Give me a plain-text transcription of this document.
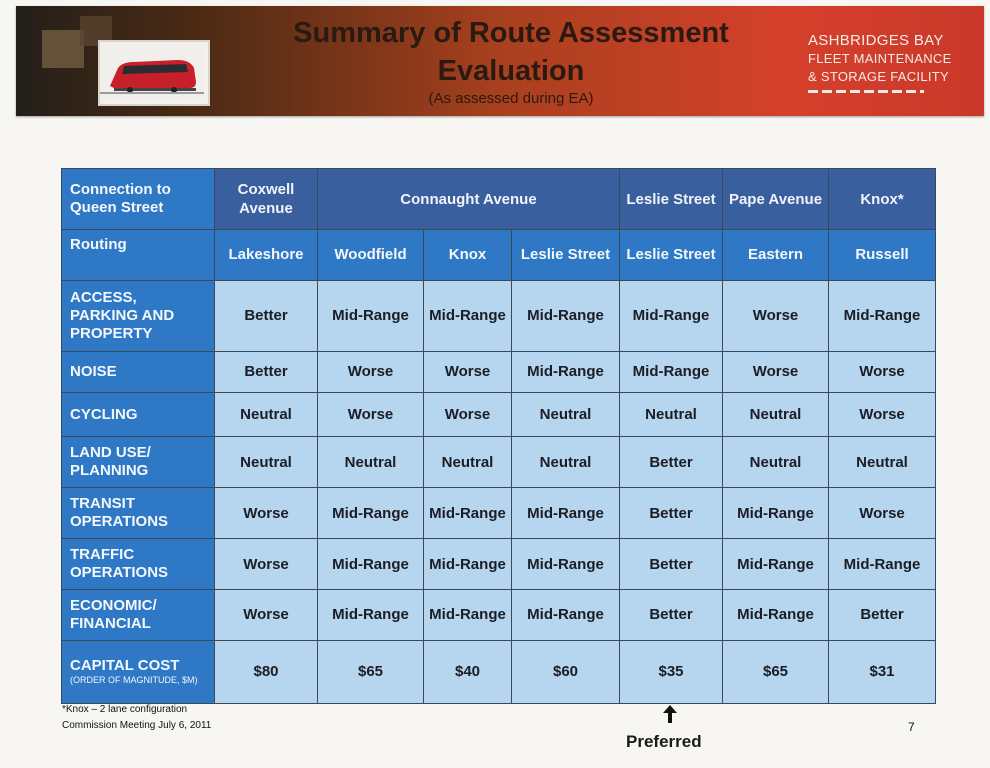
Summary of Route Assessment Evaluation
(As assessed during EA)
ASHBRIDGES BAY
FLEET MAINTENANCE
& STORAGE FACILITY
Connection to Queen Street	Coxwell Avenue	Connaught Avenue			Leslie Street	Pape Avenue	Knox*
Routing	Lakeshore	Woodfield	Knox	Leslie Street	Leslie Street	Eastern	Russell
ACCESS, PARKING AND PROPERTY	Better	Mid-Range	Mid-Range	Mid-Range	Mid-Range	Worse	Mid-Range
NOISE	Better	Worse	Worse	Mid-Range	Mid-Range	Worse	Worse
CYCLING	Neutral	Worse	Worse	Neutral	Neutral	Neutral	Worse
LAND USE/ PLANNING	Neutral	Neutral	Neutral	Neutral	Better	Neutral	Neutral
TRANSIT OPERATIONS	Worse	Mid-Range	Mid-Range	Mid-Range	Better	Mid-Range	Worse
TRAFFIC OPERATIONS	Worse	Mid-Range	Mid-Range	Mid-Range	Better	Mid-Range	Mid-Range
ECONOMIC/ FINANCIAL	Worse	Mid-Range	Mid-Range	Mid-Range	Better	Mid-Range	Better
CAPITAL COST
(ORDER OF MAGNITUDE, $M)	$80	$65	$40	$60	$35	$65	$31
*Knox – 2 lane configuration
Commission Meeting July 6, 2011	7
Preferred
